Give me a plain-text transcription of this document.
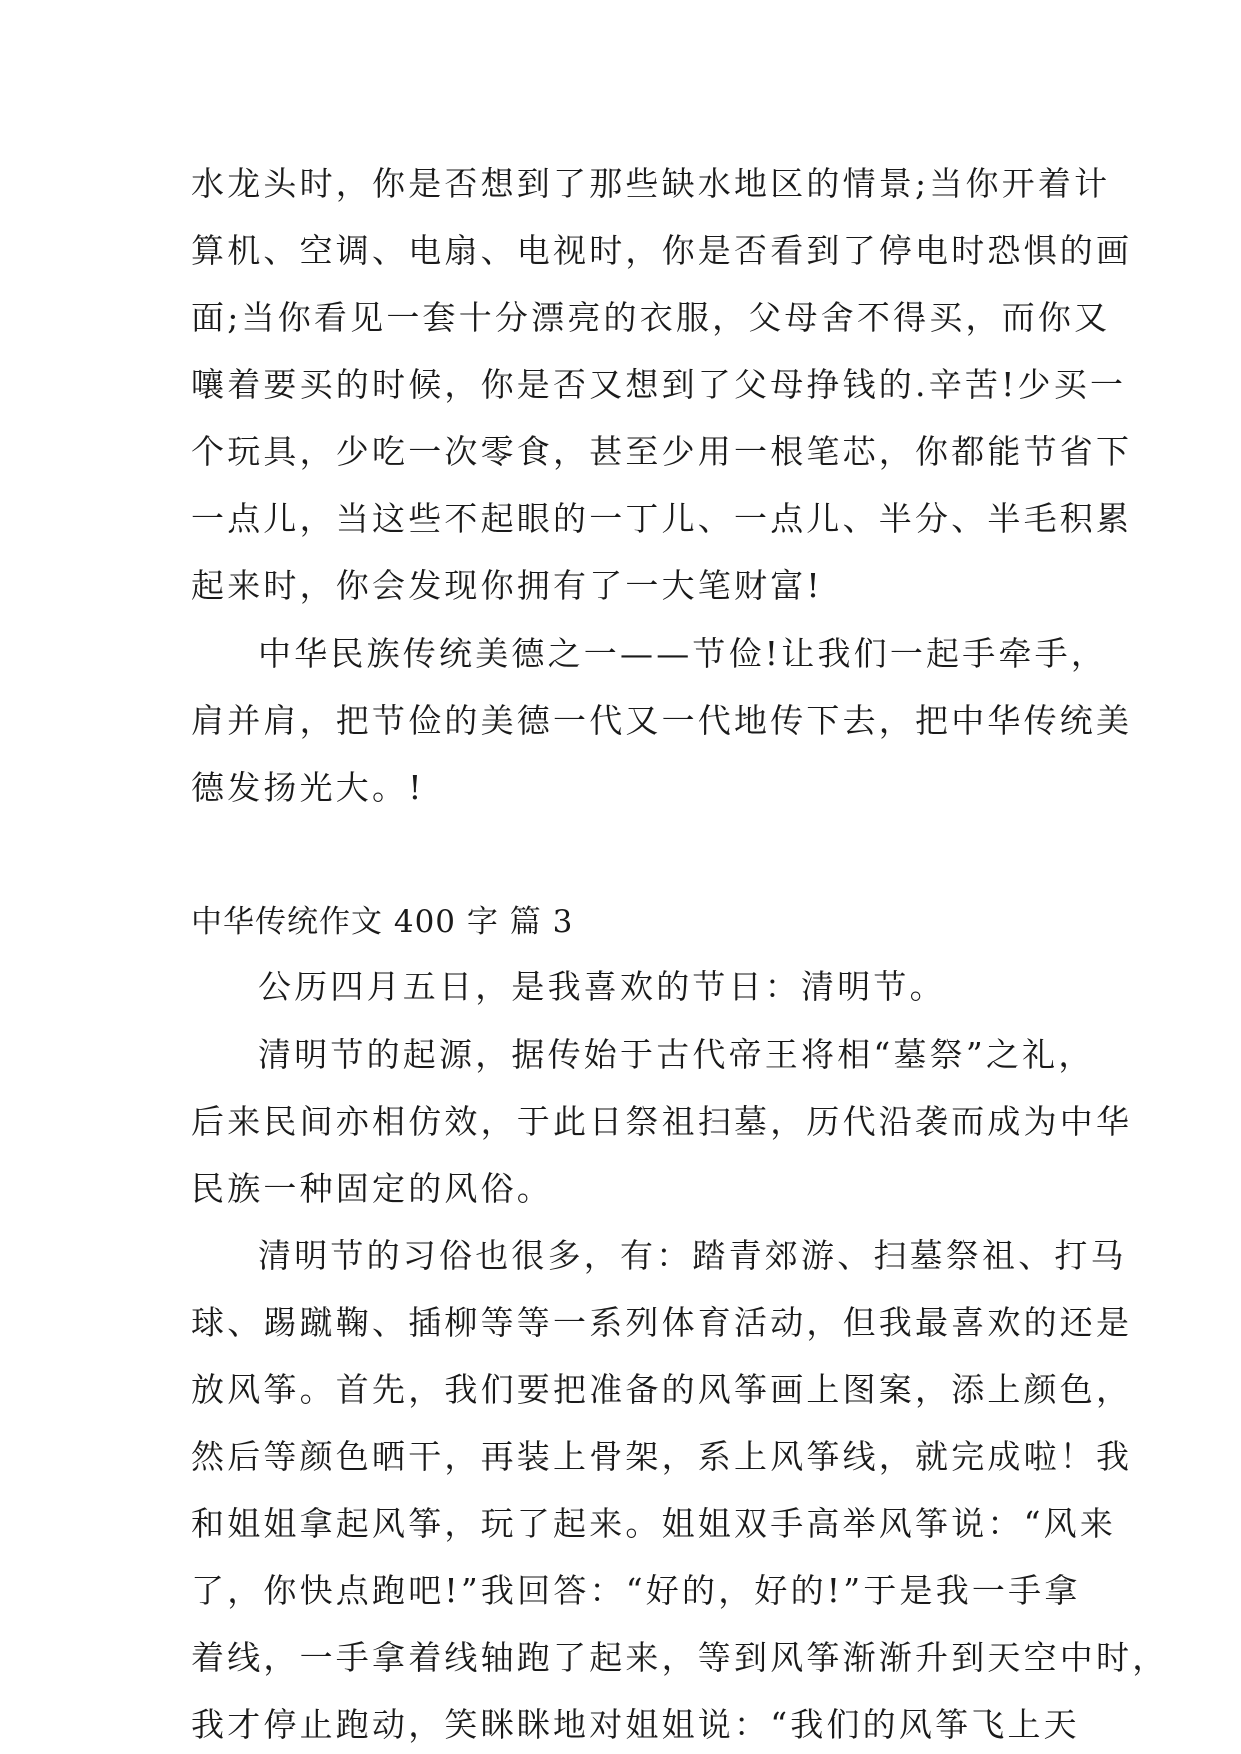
水龙头时，你是否想到了那些缺水地区的情景;当你开着计
算机、空调、电扇、电视时，你是否看到了停电时恐惧的画
面;当你看见一套十分漂亮的衣服，父母舍不得买，而你又
嚷着要买的时候，你是否又想到了父母挣钱的.辛苦!少买一
个玩具，少吃一次零食，甚至少用一根笔芯，你都能节省下
一点儿，当这些不起眼的一丁儿、一点儿、半分、半毛积累
起来时，你会发现你拥有了一大笔财富!
中华民族传统美德之一——节俭!让我们一起手牵手，
肩并肩，把节俭的美德一代又一代地传下去，把中华传统美
德发扬光大。!
中华传统作文 400 字 篇 3
公历四月五日，是我喜欢的节日：清明节。
清明节的起源，据传始于古代帝王将相“墓祭”之礼，
后来民间亦相仿效，于此日祭祖扫墓，历代沿袭而成为中华
民族一种固定的风俗。
清明节的习俗也很多，有：踏青郊游、扫墓祭祖、打马
球、踢蹴鞠、插柳等等一系列体育活动，但我最喜欢的还是
放风筝。首先，我们要把准备的风筝画上图案，添上颜色，
然后等颜色晒干，再装上骨架，系上风筝线，就完成啦！我
和姐姐拿起风筝，玩了起来。姐姐双手高举风筝说：“风来
了，你快点跑吧!”我回答：“好的，好的!”于是我一手拿
着线，一手拿着线轴跑了起来，等到风筝渐渐升到天空中时，
我才停止跑动，笑眯眯地对姐姐说：“我们的风筝飞上天
